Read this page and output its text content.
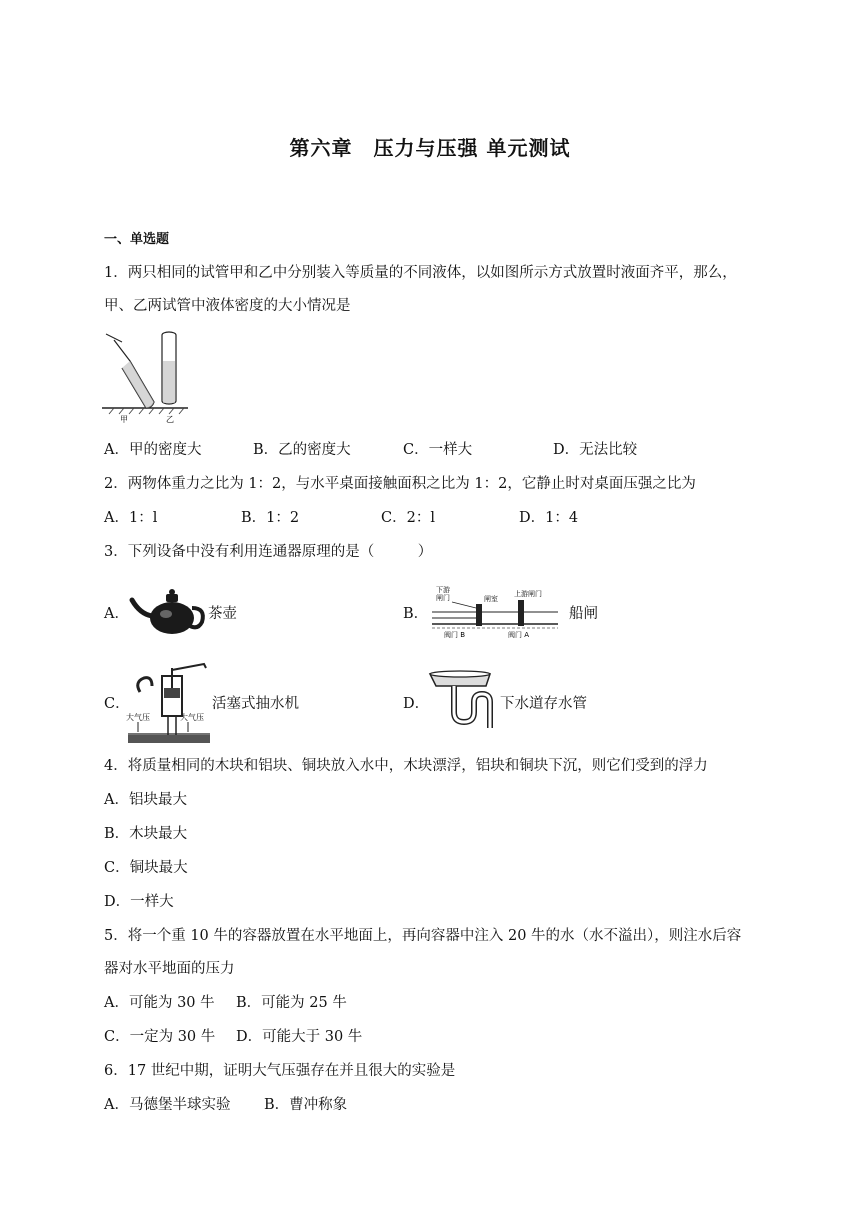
第六章　压力与压强 单元测试
一、单选题
1．两只相同的试管甲和乙中分别装入等质量的不同液体，以如图所示方式放置时液面齐平，那么，
甲、乙两试管中液体密度的大小情况是
甲	乙
A．甲的密度大	B．乙的密度大	C．一样大	D．无法比较
2．两物体重力之比为 1：2，与水平桌面接触面积之比为 1：2，它静止时对桌面压强之比为
A．1：l	B．1：2	C．2：l	D．1：4
3．下列设备中没有利用连通器原理的是（　　　）
A．	茶壶	B．
下游
闸门	闸室
上游闸门
阀门 B	阀门 A
船闸
C．
大气压	大气压
活塞式抽水机	D．	下水道存水管
4．将质量相同的木块和铝块、铜块放入水中，木块漂浮，铝块和铜块下沉，则它们受到的浮力
A．铝块最大
B．木块最大
C．铜块最大
D．一样大
5．将一个重 10 牛的容器放置在水平地面上，再向容器中注入 20 牛的水（水不溢出），则注水后容
器对水平地面的压力
A．可能为 30 牛 B．可能为 25 牛
C．一定为 30 牛 D．可能大于 30 牛
6．17 世纪中期，证明大气压强存在并且很大的实验是
A．马德堡半球实验 B．曹冲称象
